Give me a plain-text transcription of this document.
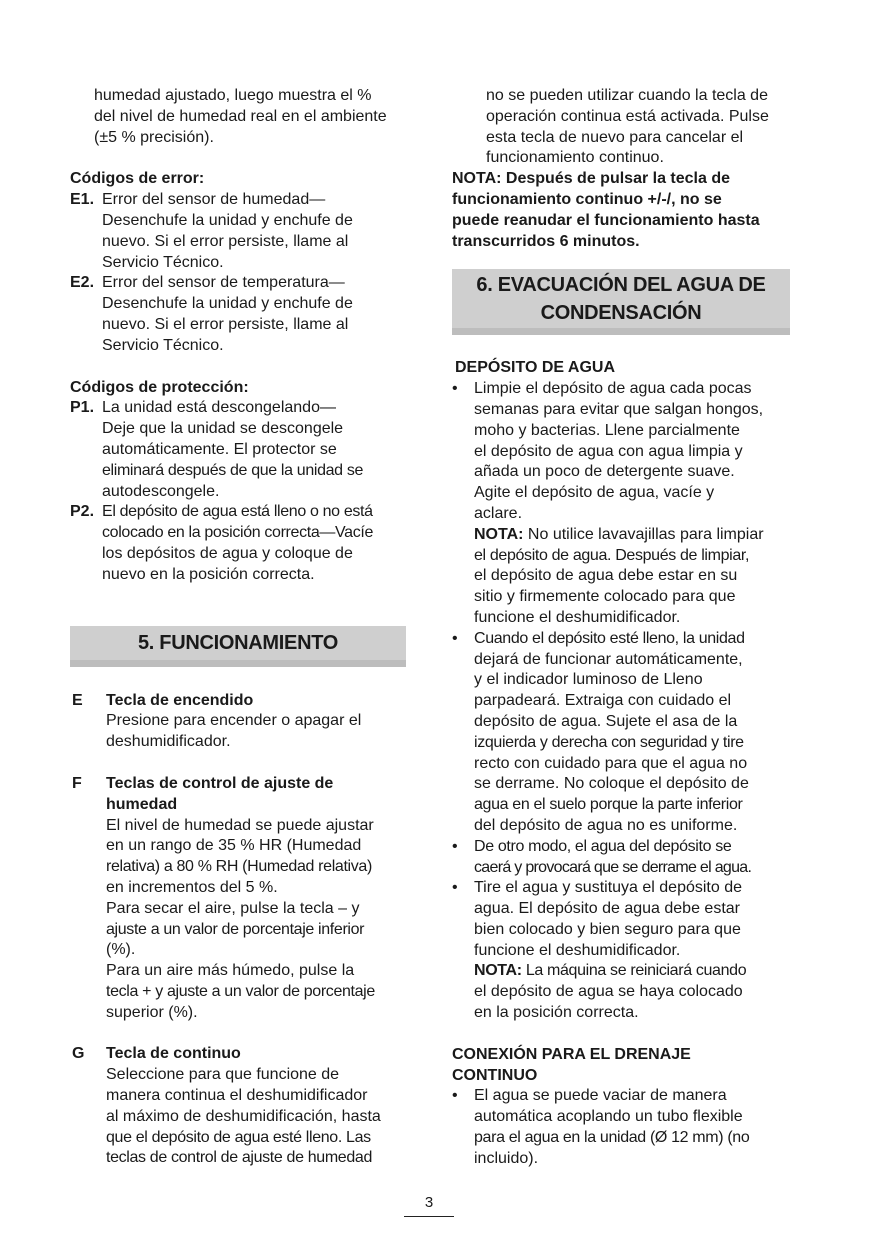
humedad ajustado, luego muestra el %

del nivel de humedad real en el ambiente

(±5 % precisión).

Códigos de error:

E1. Error del sensor de humedad—

Desenchufe la unidad y enchufe de

nuevo. Si el error persiste, llame al

Servicio Técnico.

E2. Error del sensor de temperatura—

Desenchufe la unidad y enchufe de

nuevo. Si el error persiste, llame al

Servicio Técnico.

Códigos de protección:

P1. La unidad está descongelando—

Deje que la unidad se descongele

automáticamente. El protector se

eliminará después de que la unidad se

autodescongele.

P2. El depósito de agua está lleno o no está

colocado en la posición correcta—Vacíe

los depósitos de agua y coloque de

nuevo en la posición correcta.

5. FUNCIONAMIENTO
E	Tecla de encendido

Presione para encender o apagar el

deshumidificador.

F	Teclas de control de ajuste de

humedad

El nivel de humedad se puede ajustar

en un rango de 35 % HR (Humedad

relativa) a 80 % RH (Humedad relativa)

en incrementos del 5 %.

Para secar el aire, pulse la tecla – y

ajuste a un valor de porcentaje inferior

(%).

Para un aire más húmedo, pulse la

tecla + y ajuste a un valor de porcentaje

superior (%).

G	Tecla de continuo

Seleccione para que funcione de

manera continua el deshumidificador

al máximo de deshumidificación, hasta

que el depósito de agua esté lleno. Las

teclas de control de ajuste de humedad

no se pueden utilizar cuando la tecla de

operación continua está activada. Pulse

esta tecla de nuevo para cancelar el

funcionamiento continuo.

NOTA: Después de pulsar la tecla de

funcionamiento continuo +/-/, no se

puede reanudar el funcionamiento hasta

transcurridos 6 minutos.

6. EVACUACIÓN DEL AGUA DE
CONDENSACIÓN

DEPÓSITO DE AGUA

•	Limpie el depósito de agua cada pocas

semanas para evitar que salgan hongos,

moho y bacterias. Llene parcialmente

el depósito de agua con agua limpia y

añada un poco de detergente suave.

Agite el depósito de agua, vacíe y

aclare.

NOTA: No utilice lavavajillas para limpiar

el depósito de agua. Después de limpiar,

el depósito de agua debe estar en su

sitio y firmemente colocado para que

funcione el deshumidificador.

•	Cuando el depósito esté lleno, la unidad

dejará de funcionar automáticamente,

y el indicador luminoso de Lleno

parpadeará. Extraiga con cuidado el

depósito de agua. Sujete el asa de la

izquierda y derecha con seguridad y tire

recto con cuidado para que el agua no

se derrame. No coloque el depósito de

agua en el suelo porque la parte inferior

del depósito de agua no es uniforme.

•	De otro modo, el agua del depósito se

caerá y provocará que se derrame el agua.

•	Tire el agua y sustituya el depósito de

agua. El depósito de agua debe estar

bien colocado y bien seguro para que

funcione el deshumidificador.

NOTA: La máquina se reiniciará cuando

el depósito de agua se haya colocado

en la posición correcta.

CONEXIÓN PARA EL DRENAJE

CONTINUO

•	El agua se puede vaciar de manera

automática acoplando un tubo flexible

para el agua en la unidad (Ø 12 mm) (no

incluido).

3
